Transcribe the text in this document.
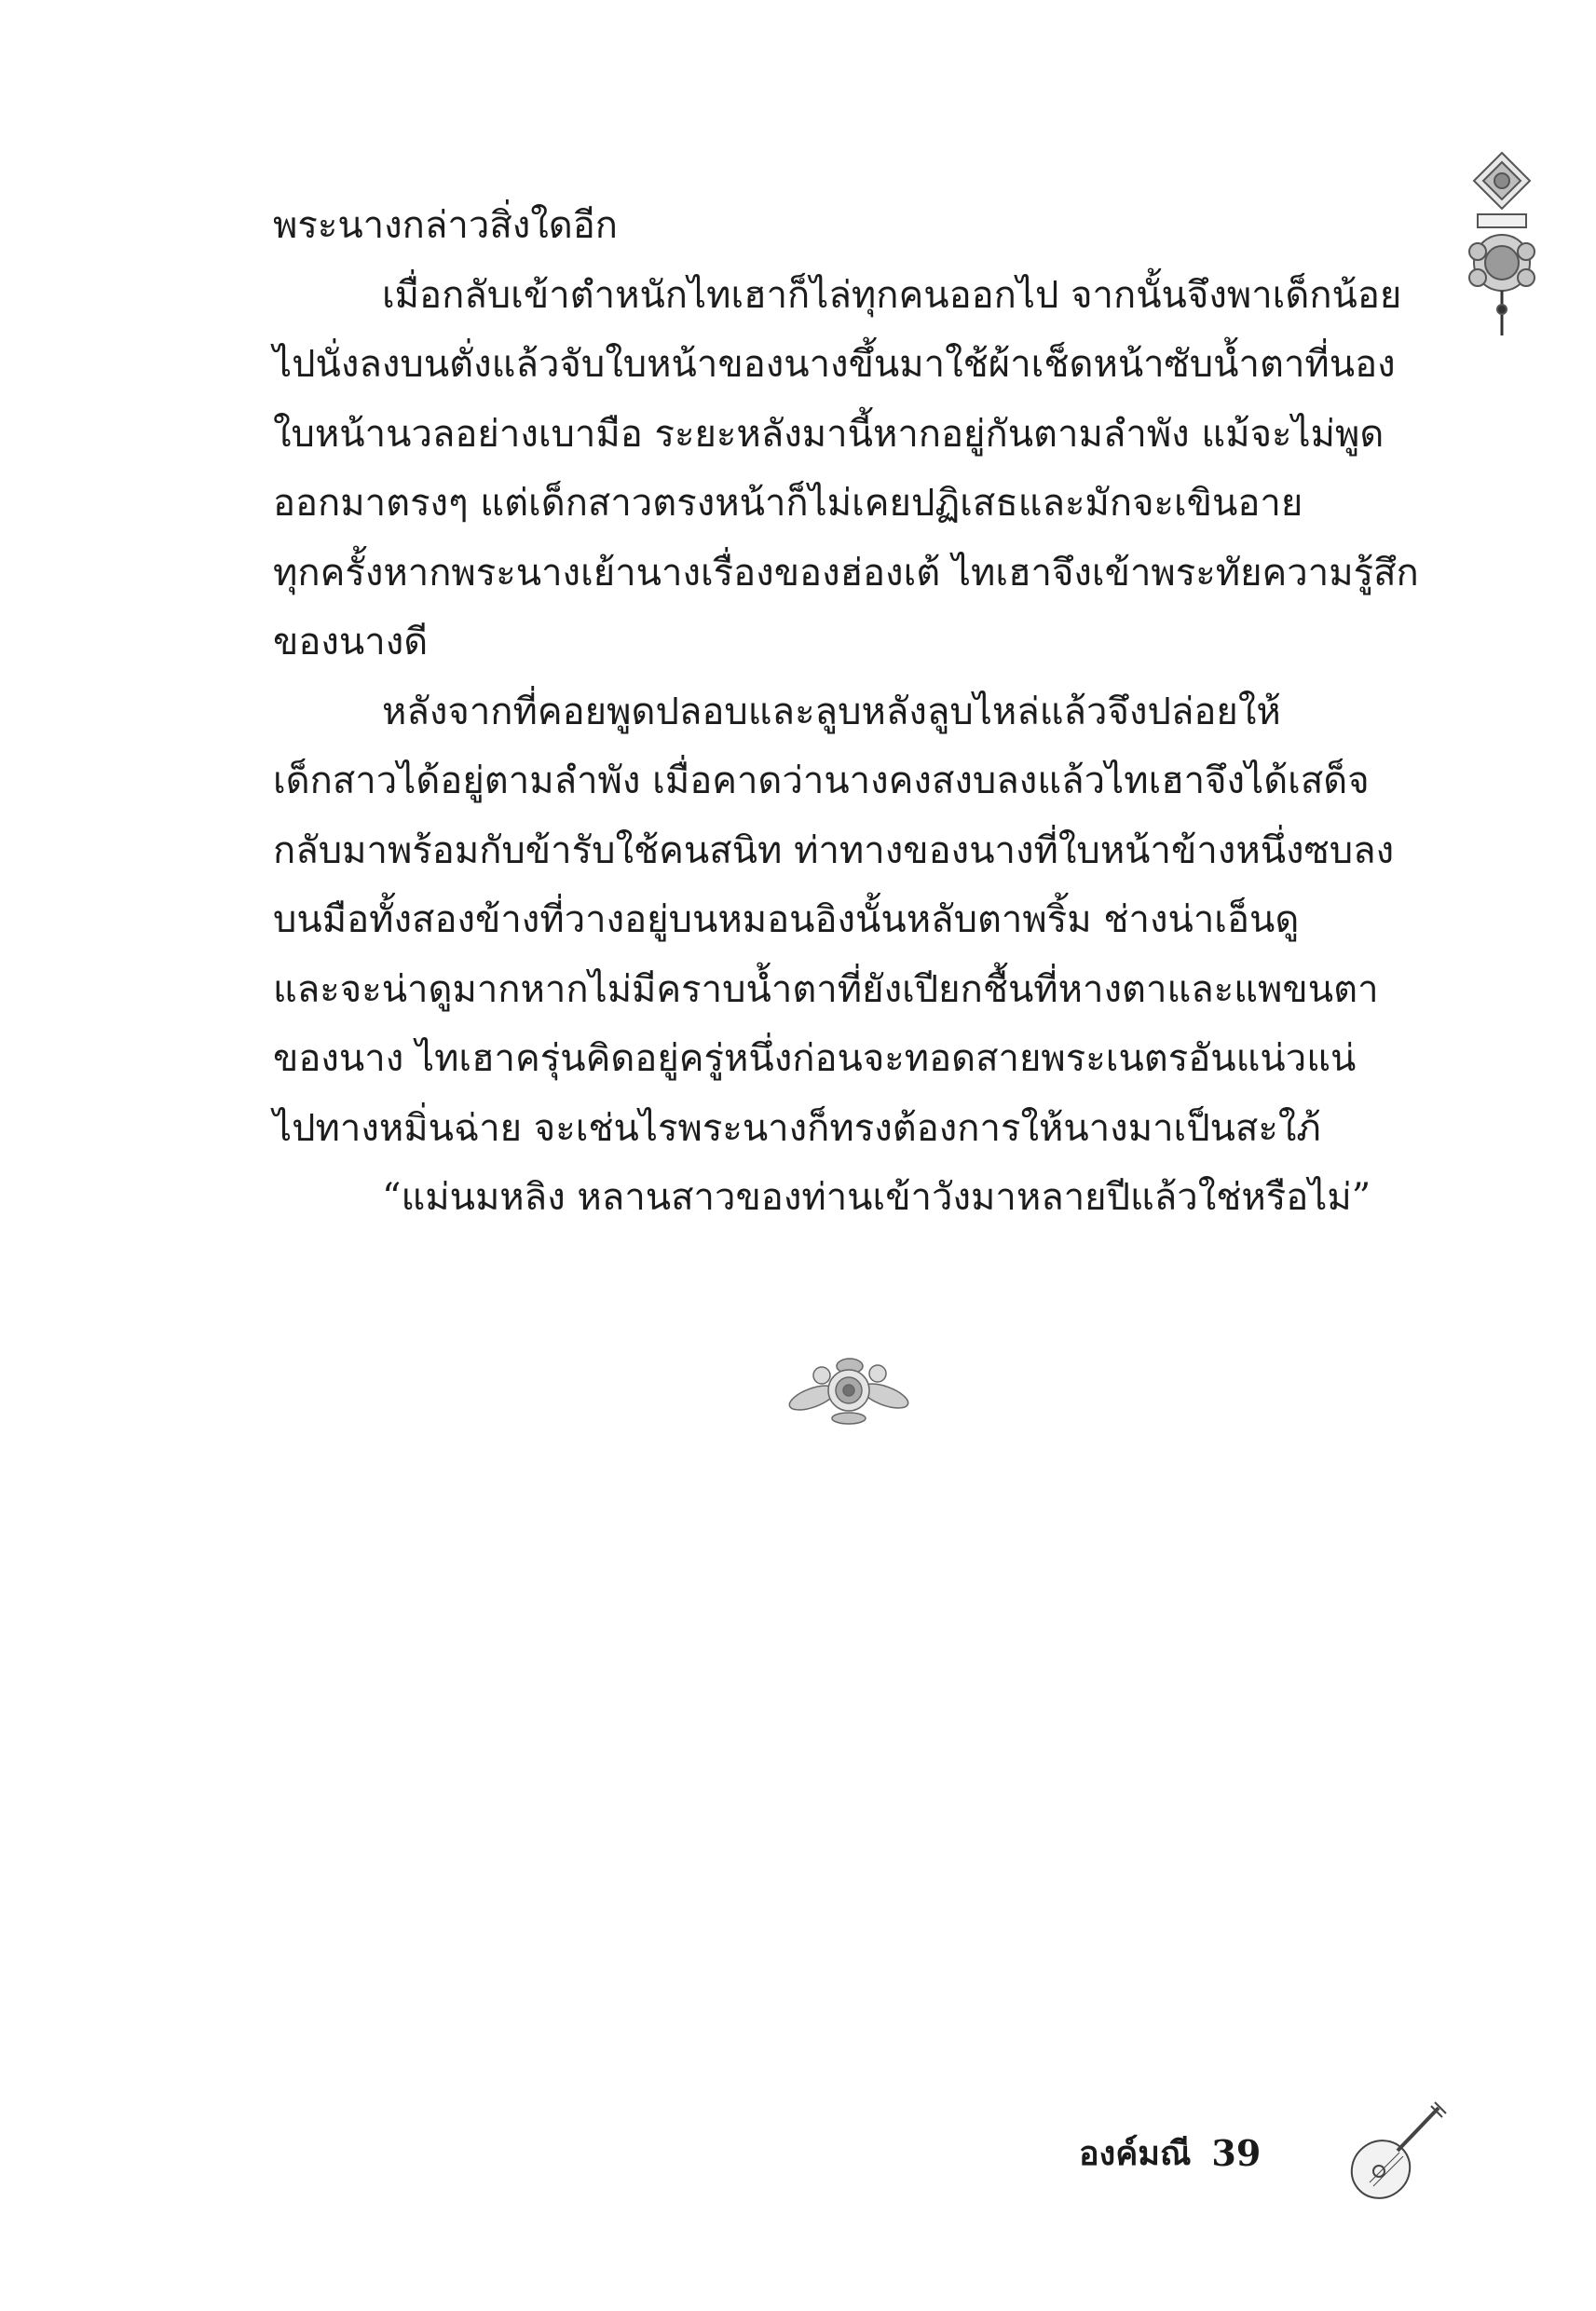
พระนางกล่าวสิ่งใดอีก
เมื่อกลับเข้าตำหนักไทเฮาก็ไล่ทุกคนออกไป จากนั้นจึงพาเด็กน้อย
ไปนั่งลงบนตั่งแล้วจับใบหน้าของนางขึ้นมาใช้ผ้าเช็ดหน้าซับน้ำตาที่นอง
ใบหน้านวลอย่างเบามือ ระยะหลังมานี้หากอยู่กันตามลำพัง แม้จะไม่พูด
ออกมาตรงๆ แต่เด็กสาวตรงหน้าก็ไม่เคยปฏิเสธและมักจะเขินอาย
ทุกครั้งหากพระนางเย้านางเรื่องของฮ่องเต้ ไทเฮาจึงเข้าพระทัยความรู้สึก
ของนางดี
หลังจากที่คอยพูดปลอบและลูบหลังลูบไหล่แล้วจึงปล่อยให้
เด็กสาวได้อยู่ตามลำพัง เมื่อคาดว่านางคงสงบลงแล้วไทเฮาจึงได้เสด็จ
กลับมาพร้อมกับข้ารับใช้คนสนิท ท่าทางของนางที่ใบหน้าข้างหนึ่งซบลง
บนมือทั้งสองข้างที่วางอยู่บนหมอนอิงนั้นหลับตาพริ้ม ช่างน่าเอ็นดู
และจะน่าดูมากหากไม่มีคราบน้ำตาที่ยังเปียกชื้นที่หางตาและแพขนตา
ของนาง ไทเฮาครุ่นคิดอยู่ครู่หนึ่งก่อนจะทอดสายพระเนตรอันแน่วแน่
ไปทางหมิ่นฉ่าย จะเช่นไรพระนางก็ทรงต้องการให้นางมาเป็นสะใภ้
“แม่นมหลิง หลานสาวของท่านเข้าวังมาหลายปีแล้วใช่หรือไม่”
องค์มณี 39
